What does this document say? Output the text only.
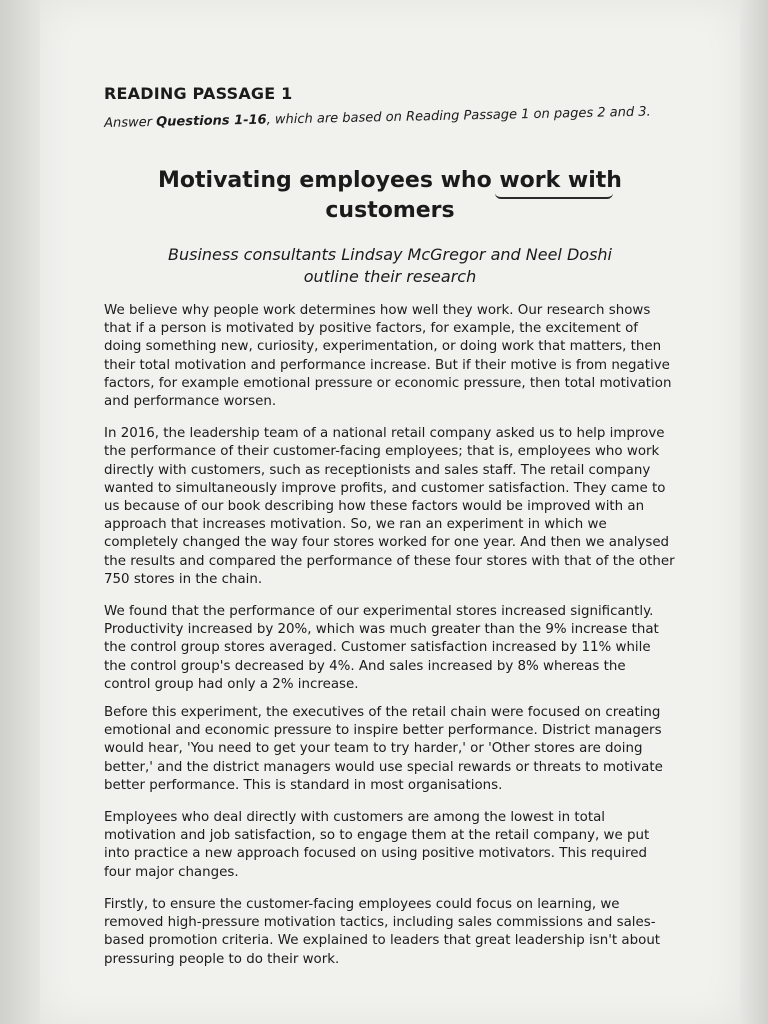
READING PASSAGE 1
Answer Questions 1-16, which are based on Reading Passage 1 on pages 2 and 3.
Motivating employees who work with
customers
Business consultants Lindsay McGregor and Neel Doshi
outline their research

We believe why people work determines how well they work. Our research shows that if a person is motivated by positive factors, for example, the excitement of doing something new, curiosity, experimentation, or doing work that matters, then their total motivation and performance increase. But if their motive is from negative factors, for example emotional pressure or economic pressure, then total motivation and performance worsen.

In 2016, the leadership team of a national retail company asked us to help improve the performance of their customer-facing employees; that is, employees who work directly with customers, such as receptionists and sales staff. The retail company wanted to simultaneously improve profits, and customer satisfaction. They came to us because of our book describing how these factors would be improved with an approach that increases motivation. So, we ran an experiment in which we completely changed the way four stores worked for one year. And then we analysed the results and compared the performance of these four stores with that of the other 750 stores in the chain.

We found that the performance of our experimental stores increased significantly. Productivity increased by 20%, which was much greater than the 9% increase that the control group stores averaged. Customer satisfaction increased by 11% while the control group's decreased by 4%. And sales increased by 8% whereas the control group had only a 2% increase.

Before this experiment, the executives of the retail chain were focused on creating emotional and economic pressure to inspire better performance. District managers would hear, 'You need to get your team to try harder,' or 'Other stores are doing better,' and the district managers would use special rewards or threats to motivate better performance. This is standard in most organisations.

Employees who deal directly with customers are among the lowest in total motivation and job satisfaction, so to engage them at the retail company, we put into practice a new approach focused on using positive motivators. This required four major changes.

Firstly, to ensure the customer-facing employees could focus on learning, we removed high-pressure motivation tactics, including sales commissions and sales-based promotion criteria. We explained to leaders that great leadership isn't about pressuring people to do their work.
